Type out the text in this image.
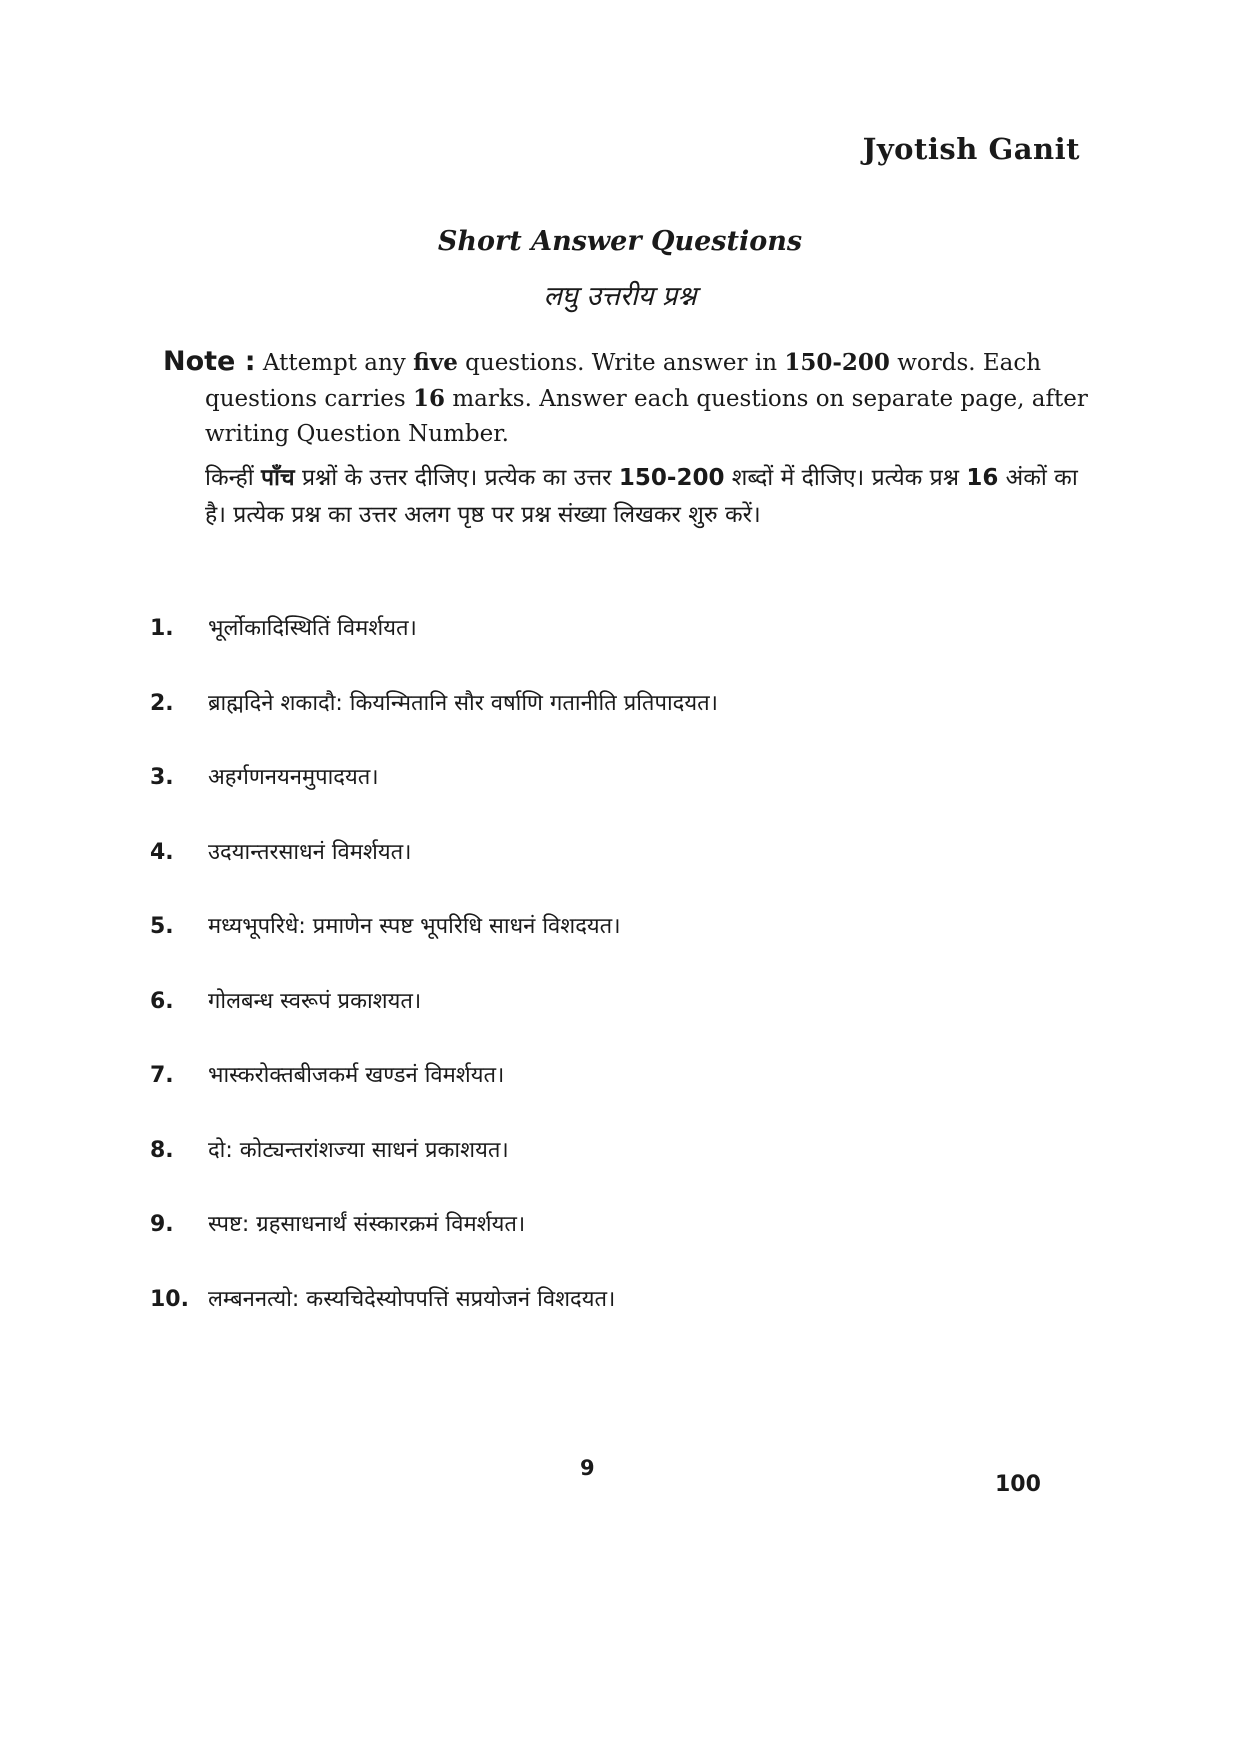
Jyotish Ganit
Short Answer Questions
लघु उत्तरीय प्रश्न

Note : Attempt any five questions. Write answer in 150-200 words. Each questions carries 16 marks. Answer each questions on separate page, after writing Question Number.

किन्हीं पाँच प्रश्नों के उत्तर दीजिए। प्रत्येक का उत्तर 150-200 शब्दों में दीजिए। प्रत्येक प्रश्न 16 अंकों का है। प्रत्येक प्रश्न का उत्तर अलग पृष्ठ पर प्रश्न संख्या लिखकर शुरु करें।

1.	भूर्लोकादिस्थितिं विमर्शयत।
2.	ब्राह्मदिने शकादौ: कियन्मितानि सौर वर्षाणि गतानीति प्रतिपादयत।
3.	अहर्गणनयनमुपादयत।
4.	उदयान्तरसाधनं विमर्शयत।
5.	मध्यभूपरिधे: प्रमाणेन स्पष्ट भूपरिधि साधनं विशदयत।
6.	गोलबन्ध स्वरूपं प्रकाशयत।
7.	भास्करोक्तबीजकर्म खण्डनं विमर्शयत।
8.	दो: कोट्यन्तरांशज्या साधनं प्रकाशयत।
9.	स्पष्ट: ग्रहसाधनार्थं संस्कारक्रमं विमर्शयत।
10. लम्बननत्यो: कस्यचिदेस्योपपत्तिं सप्रयोजनं विशदयत।
9
100
